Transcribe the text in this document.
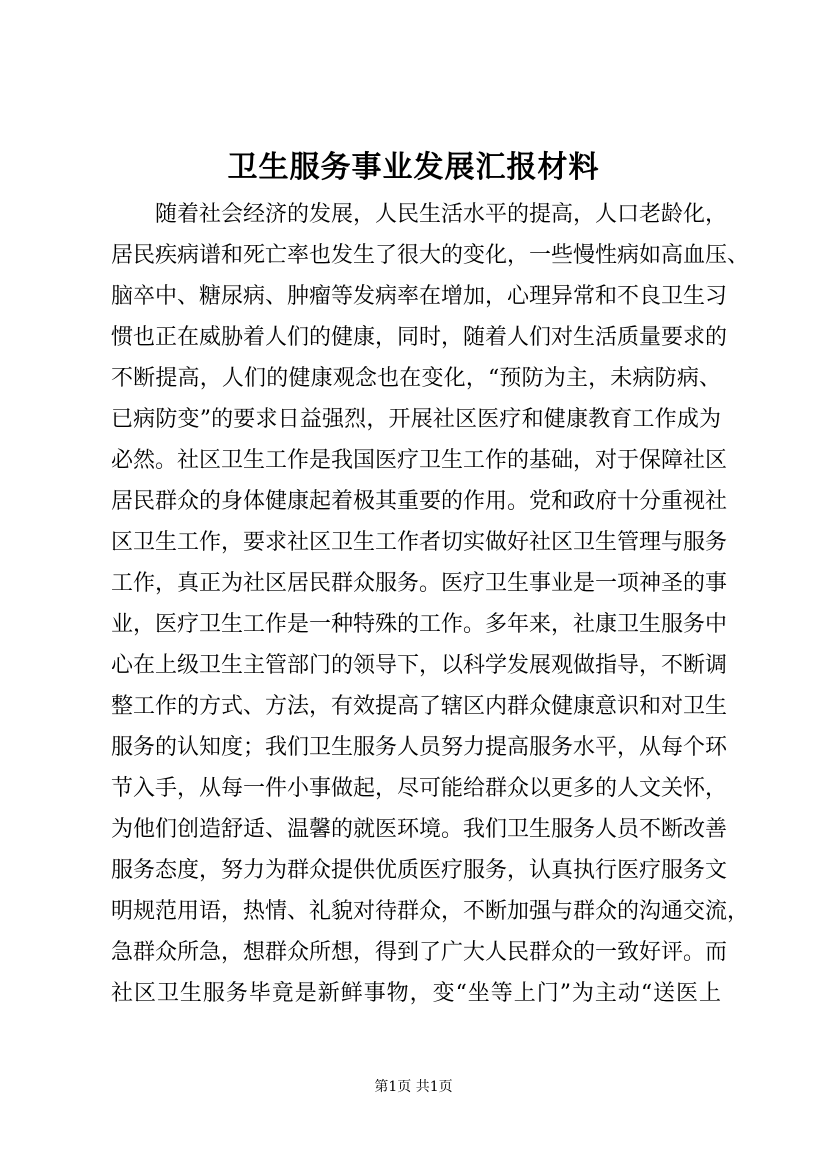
卫生服务事业发展汇报材料
随着社会经济的发展，人民生活水平的提高，人口老龄化，
居民疾病谱和死亡率也发生了很大的变化，一些慢性病如高血压、
脑卒中、糖尿病、肿瘤等发病率在增加，心理异常和不良卫生习
惯也正在威胁着人们的健康，同时，随着人们对生活质量要求的
不断提高，人们的健康观念也在变化，“预防为主，未病防病、
已病防变”的要求日益强烈，开展社区医疗和健康教育工作成为
必然。社区卫生工作是我国医疗卫生工作的基础，对于保障社区
居民群众的身体健康起着极其重要的作用。党和政府十分重视社
区卫生工作，要求社区卫生工作者切实做好社区卫生管理与服务
工作，真正为社区居民群众服务。医疗卫生事业是一项神圣的事
业，医疗卫生工作是一种特殊的工作。多年来，社康卫生服务中
心在上级卫生主管部门的领导下，以科学发展观做指导，不断调
整工作的方式、方法，有效提高了辖区内群众健康意识和对卫生
服务的认知度；我们卫生服务人员努力提高服务水平，从每个环
节入手，从每一件小事做起，尽可能给群众以更多的人文关怀，
为他们创造舒适、温馨的就医环境。我们卫生服务人员不断改善
服务态度，努力为群众提供优质医疗服务，认真执行医疗服务文
明规范用语，热情、礼貌对待群众，不断加强与群众的沟通交流，
急群众所急，想群众所想，得到了广大人民群众的一致好评。而
社区卫生服务毕竟是新鲜事物，变“坐等上门”为主动“送医上
第1页 共1页
